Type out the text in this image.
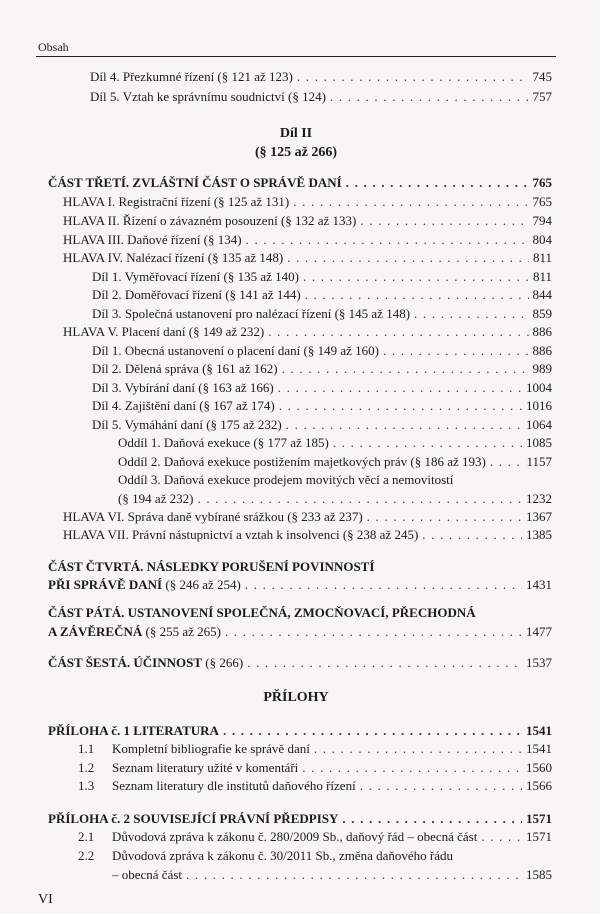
Obsah
Díl 4. Přezkumné řízení (§ 121 až 123) . . .	745
Díl 5. Vztah ke správnímu soudnictví (§ 124) . . .	757
Díl II
(§ 125 až 266)
ČÁST TŘETÍ. ZVLÁŠTNÍ ČÁST O SPRÁVĚ DANÍ . . .	765
HLAVA I. Registrační řízení (§ 125 až 131) . . .	765
HLAVA II. Řízení o závazném posouzení (§ 132 až 133) . . .	794
HLAVA III. Daňové řízení (§ 134) . . .	804
HLAVA IV. Nalézací řízení (§ 135 až 148) . . .	811
Díl 1. Vyměřovací řízení (§ 135 až 140) . . .	811
Díl 2. Doměřovací řízení (§ 141 až 144) . . .	844
Díl 3. Společná ustanovení pro nalézací řízení (§ 145 až 148) . . .	859
HLAVA V. Placení daní (§ 149 až 232) . . .	886
Díl 1. Obecná ustanovení o placení daní (§ 149 až 160) . . .	886
Díl 2. Dělená správa (§ 161 až 162) . . .	989
Díl 3. Vybírání daní (§ 163 až 166) . . .	1004
Díl 4. Zajištění daní (§ 167 až 174) . . .	1016
Díl 5. Vymáhání daní (§ 175 až 232) . . .	1064
Oddíl 1. Daňová exekuce (§ 177 až 185) . . .	1085
Oddíl 2. Daňová exekuce postižením majetkových práv (§ 186 až 193) . . .	1157
Oddíl 3. Daňová exekuce prodejem movitých věcí a nemovitostí
(§ 194 až 232) . . .	1232
HLAVA VI. Správa daně vybírané srážkou (§ 233 až 237) . . .	1367
HLAVA VII. Právní nástupnictví a vztah k insolvenci (§ 238 až 245) . . .	1385
ČÁST ČTVRTÁ. NÁSLEDKY PORUŠENÍ POVINNOSTÍ
PŘI SPRÁVĚ DANÍ (§ 246 až 254) . . .	1431
ČÁST PÁTÁ. USTANOVENÍ SPOLEČNÁ, ZMOCŇOVACÍ, PŘECHODNÁ
A ZÁVĚREČNÁ (§ 255 až 265) . . .	1477
ČÁST ŠESTÁ. ÚČINNOST (§ 266) . . .	1537
PŘÍLOHY
PŘÍLOHA č. 1 LITERATURA . . .	1541
1.1 Kompletní bibliografie ke správě daní . . .	1541
1.2 Seznam literatury užité v komentáři . . .	1560
1.3 Seznam literatury dle institutů daňového řízení . . .	1566
PŘÍLOHA č. 2 SOUVISEJÍCÍ PRÁVNÍ PŘEDPISY . . .	1571
2.1 Důvodová zpráva k zákonu č. 280/2009 Sb., daňový řád – obecná část . . .	1571
2.2 Důvodová zpráva k zákonu č. 30/2011 Sb., změna daňového řádu
– obecná část . . .	1585
VI
